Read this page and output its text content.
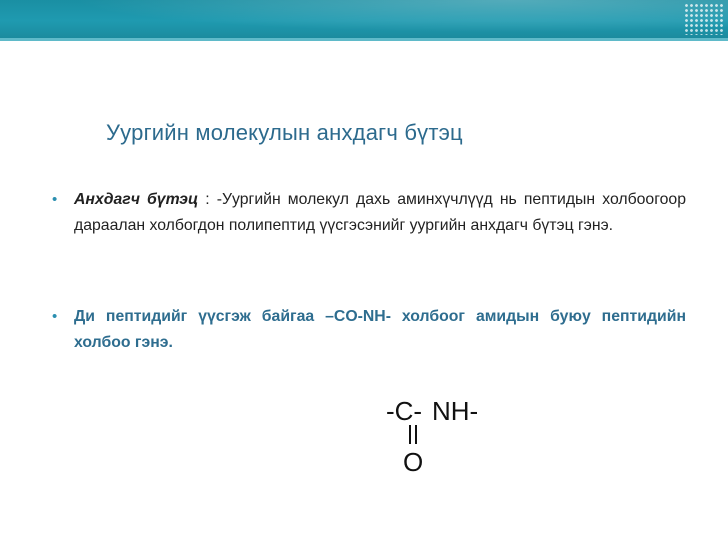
Уургийн молекулын анхдагч бүтэц
•	Анхдагч бүтэц : -Уургийн молекул дахь аминхүчлүүд нь пептидын холбоогоор дараалан холбогдон полипептид үүсгэсэнийг уургийн анхдагч бүтэц гэнэ.
•	Ди пептидийг үүсгэж байгаа –CO-NH- холбоог амидын буюу пептидийн холбоо гэнэ.
-C- NH-
O
